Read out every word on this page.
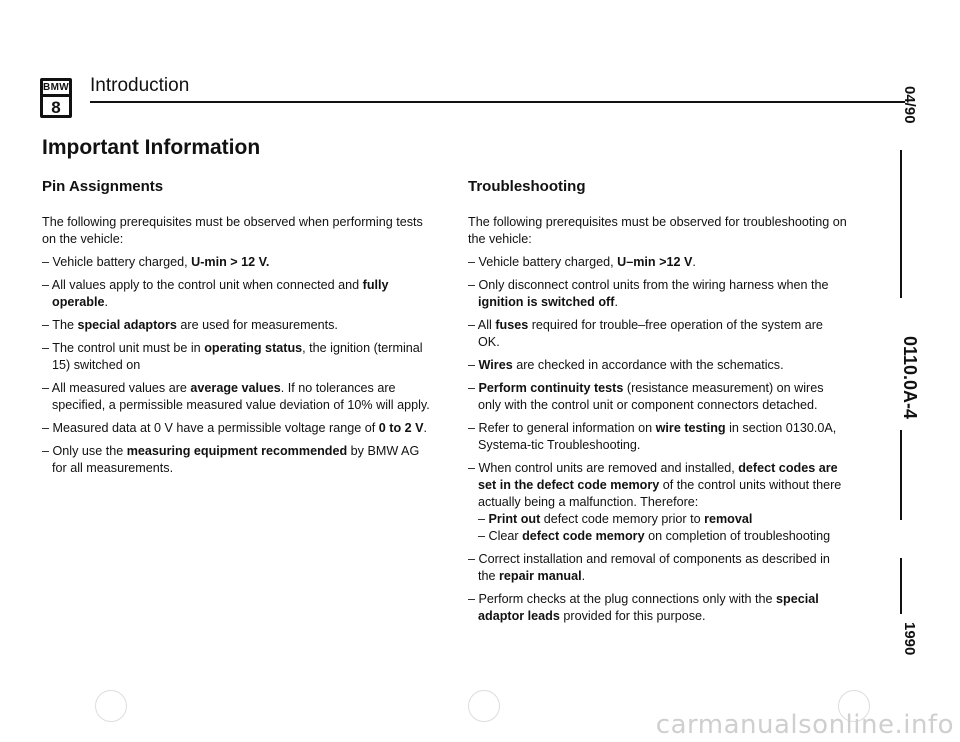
BMW
8
Introduction
Important Information
Pin Assignments

The following prerequisites must be observed when performing tests on the vehicle:

– Vehicle battery charged, U-min > 12 V.
– All values apply to the control unit when connected and fully operable.
– The special adaptors are used for measurements.
– The control unit must be in operating status, the ignition (terminal 15) switched on
– All measured values are average values. If no tolerances are specified, a permissible measured value deviation of 10% will apply.
– Measured data at 0 V have a permissible voltage range of 0 to 2 V.
– Only use the measuring equipment recommended by BMW AG for all measurements.
Troubleshooting

The following prerequisites must be observed for troubleshooting on the vehicle:

– Vehicle battery charged, U–min >12 V.
– Only disconnect control units from the wiring harness when the ignition is switched off.
– All fuses required for trouble–free operation of the system are OK.
– Wires are checked in accordance with the schematics.
– Perform continuity tests (resistance measurement) on wires only with the control unit or component connectors detached.
– Refer to general information on wire testing in section 0130.0A, Systema-tic Troubleshooting.
– When control units are removed and installed, defect codes are set in the defect code memory of the control units without there actually being a malfunction. Therefore:
– Print out defect code memory prior to removal
– Clear defect code memory on completion of troubleshooting
– Correct installation and removal of components as described in the repair manual.
– Perform checks at the plug connections only with the special adaptor leads provided for this purpose.
04/90
0110.0A-4
1990
carmanualsonline.info
